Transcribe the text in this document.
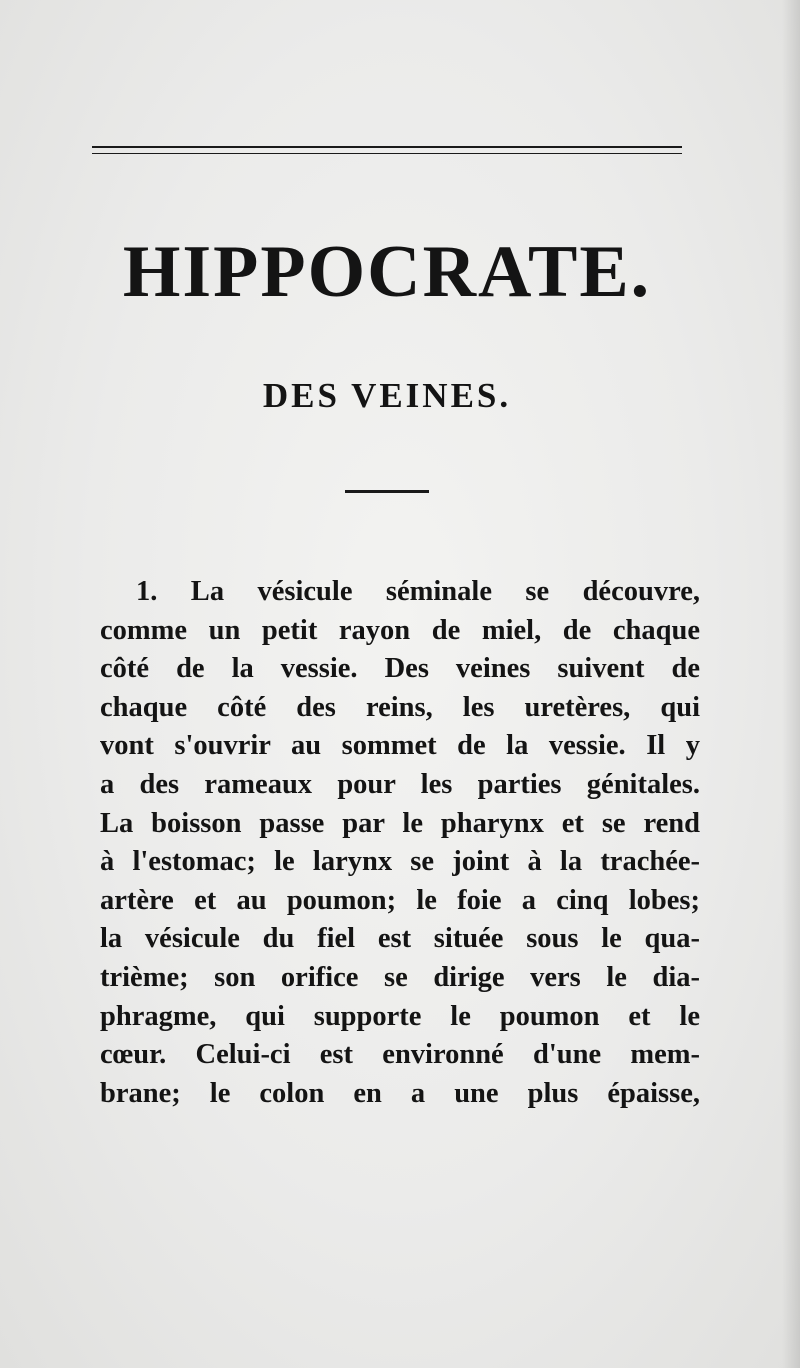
HIPPOCRATE.
DES VEINES.
1. La vésicule séminale se découvre,
comme un petit rayon de miel, de chaque
côté de la vessie. Des veines suivent de
chaque côté des reins, les uretères, qui
vont s'ouvrir au sommet de la vessie. Il y
a des rameaux pour les parties génitales.
La boisson passe par le pharynx et se rend
à l'estomac; le larynx se joint à la trachée-
artère et au poumon; le foie a cinq lobes;
la vésicule du fiel est située sous le qua-
trième; son orifice se dirige vers le dia-
phragme, qui supporte le poumon et le
cœur. Celui-ci est environné d'une mem-
brane; le colon en a une plus épaisse,
